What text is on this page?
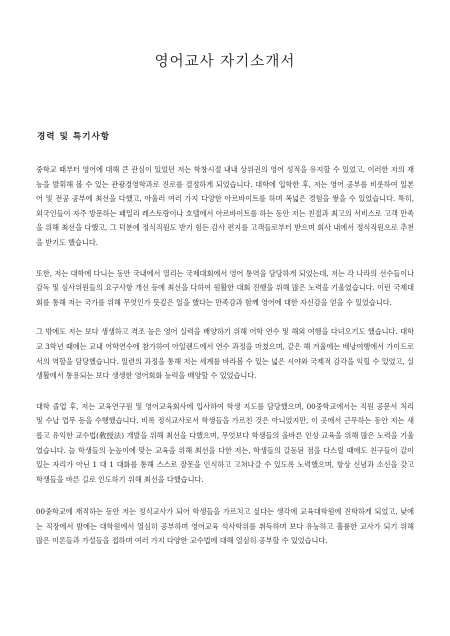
영어교사 자기소개서
경력 및 특기사항

중학교 때부터 영어에 대해 큰 관심이 있었던 저는 학창시절 내내 상위권의 영어 성적을 유지할 수 있었고, 이러한 저의 재능을 발휘해 볼 수 있는 관광경영학과로 진로를 결정하게 되었습니다. 대학에 입학한 후, 저는 영어 공부를 비롯하여 일본어 및 전공 공부에 최선을 다했고, 아울러 여러 가지 다양한 아르바이트를 하며 폭넓은 경험을 쌓을 수 있었습니다. 특히, 외국인들이 자주 방문하는 패밀리 레스토랑이나 호텔에서 아르바이트를 하는 동안 저는 친절과 최고의 서비스로 고객 만족을 위해 최선을 다했고, 그 덕분에 정식직원도 받기 힘든 감사 편지를 고객들로부터 받으며 회사 내에서 정식직원으로 추천을 받기도 했습니다.

또한, 저는 대학에 다니는 동안 국내에서 열리는 국제대회에서 영어 통역을 담당하게 되었는데, 저는 각 나라의 선수들이나 감독 및 심사위원들의 요구사항 개선 등에 최선을 다하여 원활한 대회 진행을 위해 많은 노력을 기울였습니다. 이런 국제대회를 통해 저는 국가를 위해 무엇인가 뜻깊은 일을 했다는 만족감과 함께 영어에 대한 자신감을 얻을 수 있었습니다.

그 밖에도 저는 보다 생생하고 격조 높은 영어 실력을 배양하기 위해 어학 연수 및 해외 여행을 다녀오기도 했습니다. 대학교 3학년 때에는 교내 어학연수에 참가하여 아일랜드에서 연수 과정을 마쳤으며, 같은 해 겨울에는 배낭여행에서 가이드로서의 역할을 담당했습니다. 일련의 과정을 통해 저는 세계를 바라볼 수 있는 넓은 시야와 국제적 감각을 익힐 수 있었고, 실생활에서 통용되는 보다 생생한 영어회화 능력을 배양할 수 있었습니다.

대학 졸업 후, 저는 교육연구원 및 영어교육회사에 입사하여 학생 지도를 담당했으며, 00중학교에서는 직원 공문서 처리 및 수납 업무 등을 수행했습니다. 비록 정식교사로서 학생들을 가르친 것은 아니었지만, 이 곳에서 근무하는 동안 저는 새롭고 유익한 교수법(敎授法) 개발을 위해 최선을 다했으며, 무엇보다 학생들의 올바른 인성 교육을 위해 많은 노력을 기울였습니다. 늘 학생들의 눈높이에 맞는 교육을 위해 최선을 다한 저는, 학생들의 갈등된 점을 다스릴 때에도 친구들이 같이 있는 자리가 아닌 1 대 1 대화를 통해 스스로 잘못을 인식하고 고쳐나갈 수 있도록 노력했으며, 항상 신념과 소신을 갖고 학생들을 바른 길로 인도하기 위해 최선을 다했습니다.

00중학교에 재직하는 동안 저는 정식교사가 되어 학생들을 가르치고 싶다는 생각에 교육대학원에 진학하게 되었고, 낮에는 직장에서 밤에는 대학원에서 열심히 공부하며 영어교육 석사학위를 취득하며 보다 유능하고 훌륭한 교사가 되기 위해 많은 이론들과 가설들을 접하며 여러 가지 다양한 교수법에 대해 열심히 공부할 수 있었습니다.
